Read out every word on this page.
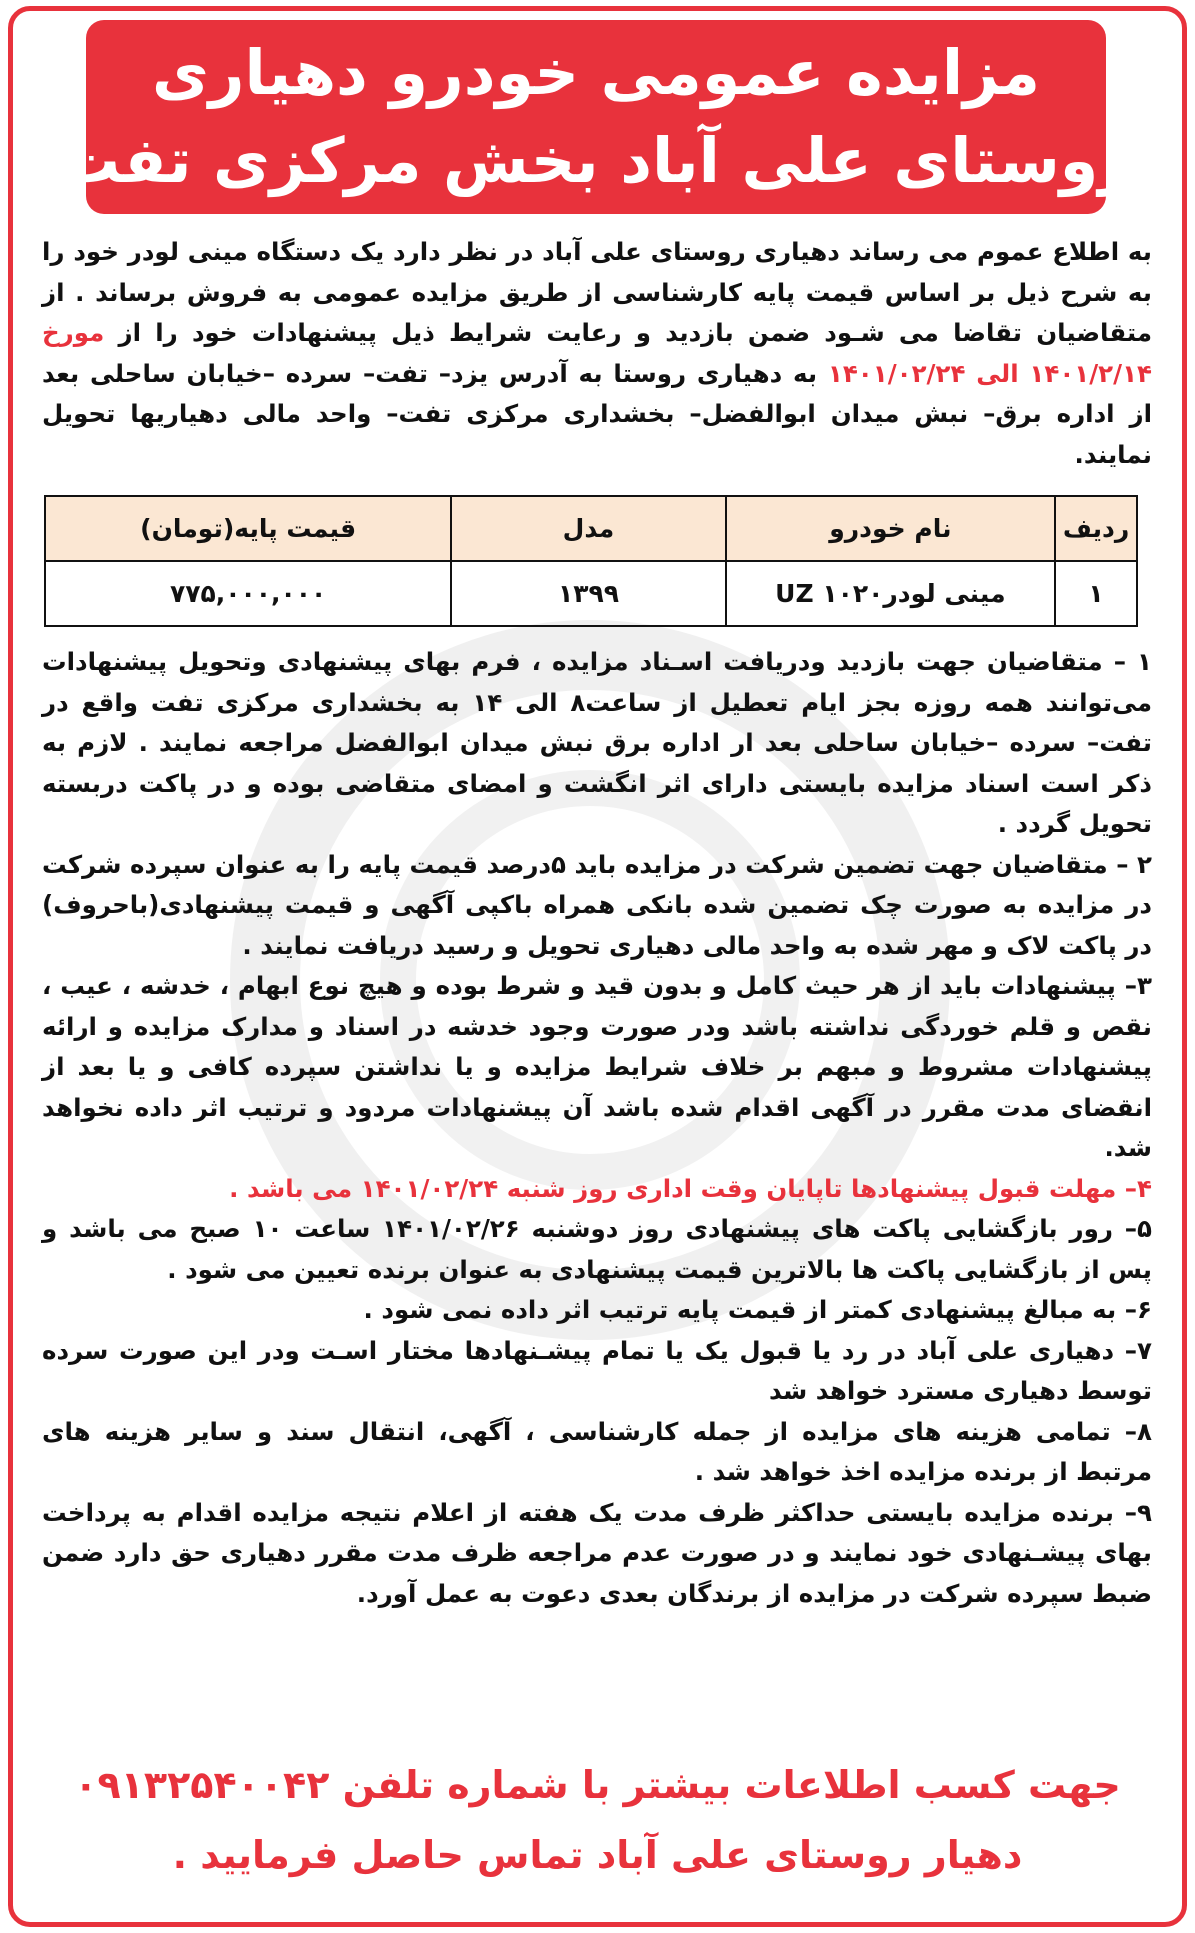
مزایده عمومی خودرو دهیاری
روستای علی آباد بخش مرکزی تفت

به اطلاع عموم می رساند دهیاری روستای علی آباد در نظر دارد یک دستگاه مینی لودر خود را به شرح ذیل بر اساس قیمت پایه کارشناسی از طریق مزایده عمومی به فروش برساند . از متقاضیان تقاضا می شـود ضمن بازدید و رعایت شرایط ذیل پیشنهادات خود را از مورخ ۱۴۰۱/۲/۱۴ الی ۱۴۰۱/۰۲/۲۴ به دهیاری روستا به آدرس یزد– تفت– سرده –خیابان ساحلی بعد از اداره برق– نبش میدان ابوالفضل– بخشداری مرکزی تفت– واحد مالی دهیاریها تحویل نمایند.

ردیف	نام خودرو	مدل	قیمت پایه(تومان)
۱	مینی لودر۱۰۲۰ UZ	۱۳۹۹	۷۷۵,۰۰۰,۰۰۰

۱ – متقاضیان جهت بازدید ودریافت اسـناد مزایده ، فرم بهای پیشنهادی وتحویل پیشنهادات می‌توانند همه روزه بجز ایام تعطیل از ساعت۸ الی ۱۴ به بخشداری مرکزی تفت واقع در تفت– سرده –خیابان ساحلی بعد ار اداره برق نبش میدان ابوالفضل مراجعه نمایند . لازم به ذکر است اسناد مزایده بایستی دارای اثر انگشت و امضای متقاضی بوده و در پاکت دربسته تحویل گردد .

۲ – متقاضیان جهت تضمین شرکت در مزایده باید ۵درصد قیمت پایه را به عنوان سپرده شرکت در مزایده به صورت چک تضمین شده بانکی همراه باکپی آگهی و قیمت پیشنهادی(باحروف) در پاکت لاک و مهر شده به واحد مالی دهیاری تحویل و رسید دریافت نمایند .

۳– پیشنهادات باید از هر حیث کامل و بدون قید و شرط بوده و هیچ نوع ابهام ، خدشه ، عیب ، نقص و قلم خوردگی نداشته باشد ودر صورت وجود خدشه در اسناد و مدارک مزایده و ارائه پیشنهادات مشروط و مبهم بر خلاف شرایط مزایده و یا نداشتن سپرده کافی و یا بعد از انقضای مدت مقرر در آگهی اقدام شده باشد آن پیشنهادات مردود و ترتیب اثر داده نخواهد شد.

۴– مهلت قبول پیشنهادها تاپایان وقت اداری روز شنبه ۱۴۰۱/۰۲/۲۴ می باشد .

۵– رور بازگشایی پاکت های پیشنهادی روز دوشنبه ۱۴۰۱/۰۲/۲۶ ساعت ۱۰ صبح می باشد و پس از بازگشایی پاکت ها بالاترین قیمت پیشنهادی به عنوان برنده تعیین می شود .

۶– به مبالغ پیشنهادی کمتر از قیمت پایه ترتیب اثر داده نمی شود .

۷– دهیاری علی آباد در رد یا قبول یک یا تمام پیشـنهادها مختار اسـت ودر این صورت سرده توسط دهیاری مسترد خواهد شد

۸– تمامی هزینه های مزایده از جمله کارشناسی ، آگهی، انتقال سند و سایر هزینه های مرتبط از برنده مزایده اخذ خواهد شد .

۹– برنده مزایده بایستی حداکثر ظرف مدت یک هفته از اعلام نتیجه مزایده اقدام به پرداخت بهای پیشـنهادی خود نمایند و در صورت عدم مراجعه ظرف مدت مقرر دهیاری حق دارد ضمن ضبط سپرده شرکت در مزایده از برندگان بعدی دعوت به عمل آورد.

جهت کسب اطلاعات بیشتر با شماره تلفن ۰۹۱۳۲۵۴۰۰۴۲
دهیار روستای علی آباد تماس حاصل فرمایید .
